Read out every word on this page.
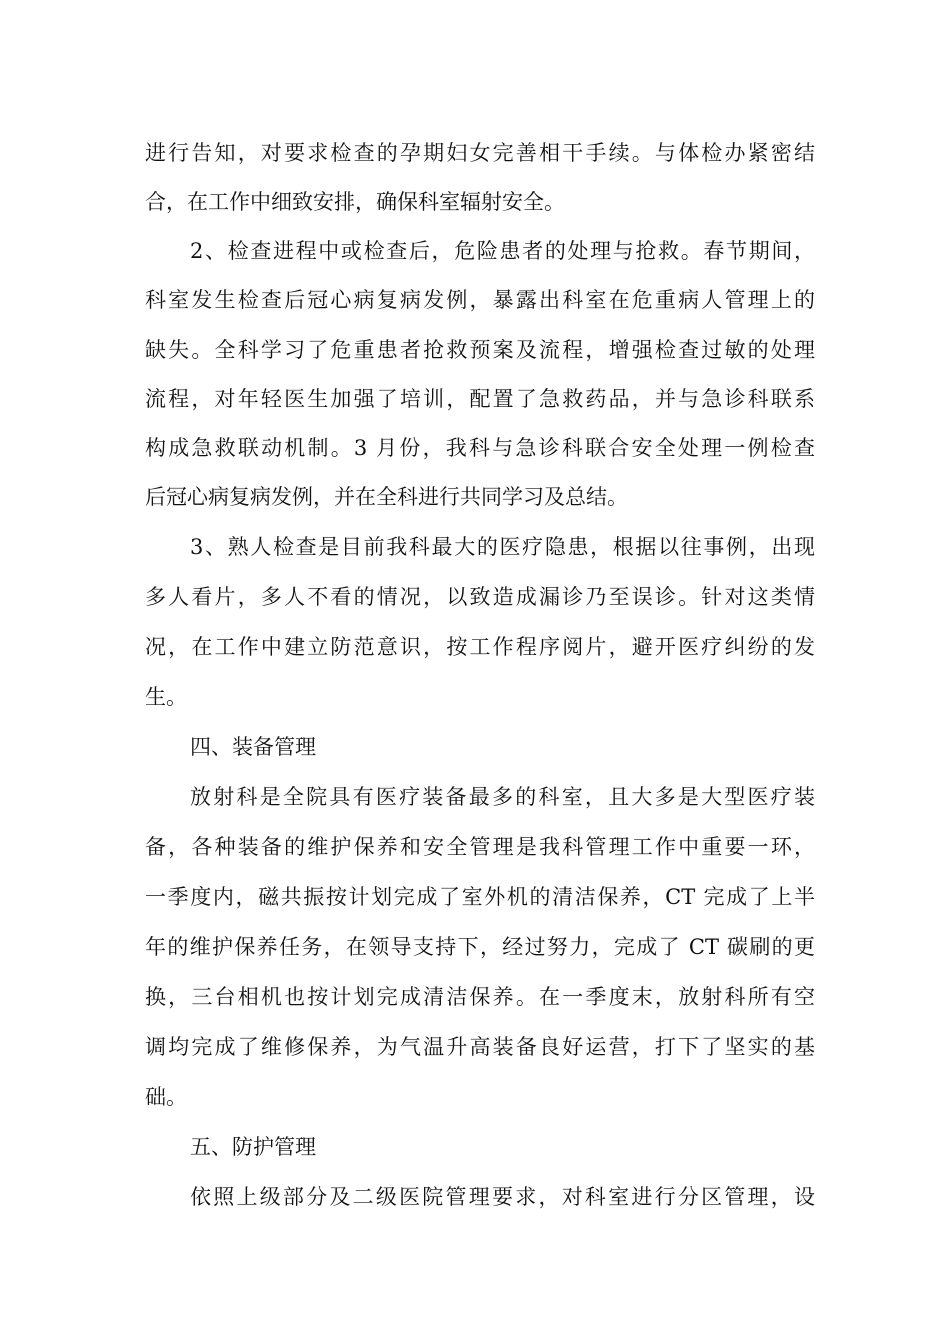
进行告知，对要求检查的孕期妇女完善相干手续。与体检办紧密结
合，在工作中细致安排，确保科室辐射安全。
2、检查进程中或检查后，危险患者的处理与抢救。春节期间，
科室发生检查后冠心病复病发例，暴露出科室在危重病人管理上的
缺失。全科学习了危重患者抢救预案及流程，增强检查过敏的处理
流程，对年轻医生加强了培训，配置了急救药品，并与急诊科联系
构成急救联动机制。3 月份，我科与急诊科联合安全处理一例检查
后冠心病复病发例，并在全科进行共同学习及总结。
3、熟人检查是目前我科最大的医疗隐患，根据以往事例，出现
多人看片，多人不看的情况，以致造成漏诊乃至误诊。针对这类情
况，在工作中建立防范意识，按工作程序阅片，避开医疗纠纷的发
生。
四、装备管理
放射科是全院具有医疗装备最多的科室，且大多是大型医疗装
备，各种装备的维护保养和安全管理是我科管理工作中重要一环，
一季度内，磁共振按计划完成了室外机的清洁保养，CT 完成了上半
年的维护保养任务，在领导支持下，经过努力，完成了 CT 碳刷的更
换，三台相机也按计划完成清洁保养。在一季度末，放射科所有空
调均完成了维修保养，为气温升高装备良好运营，打下了坚实的基
础。
五、防护管理
依照上级部分及二级医院管理要求，对科室进行分区管理，设
